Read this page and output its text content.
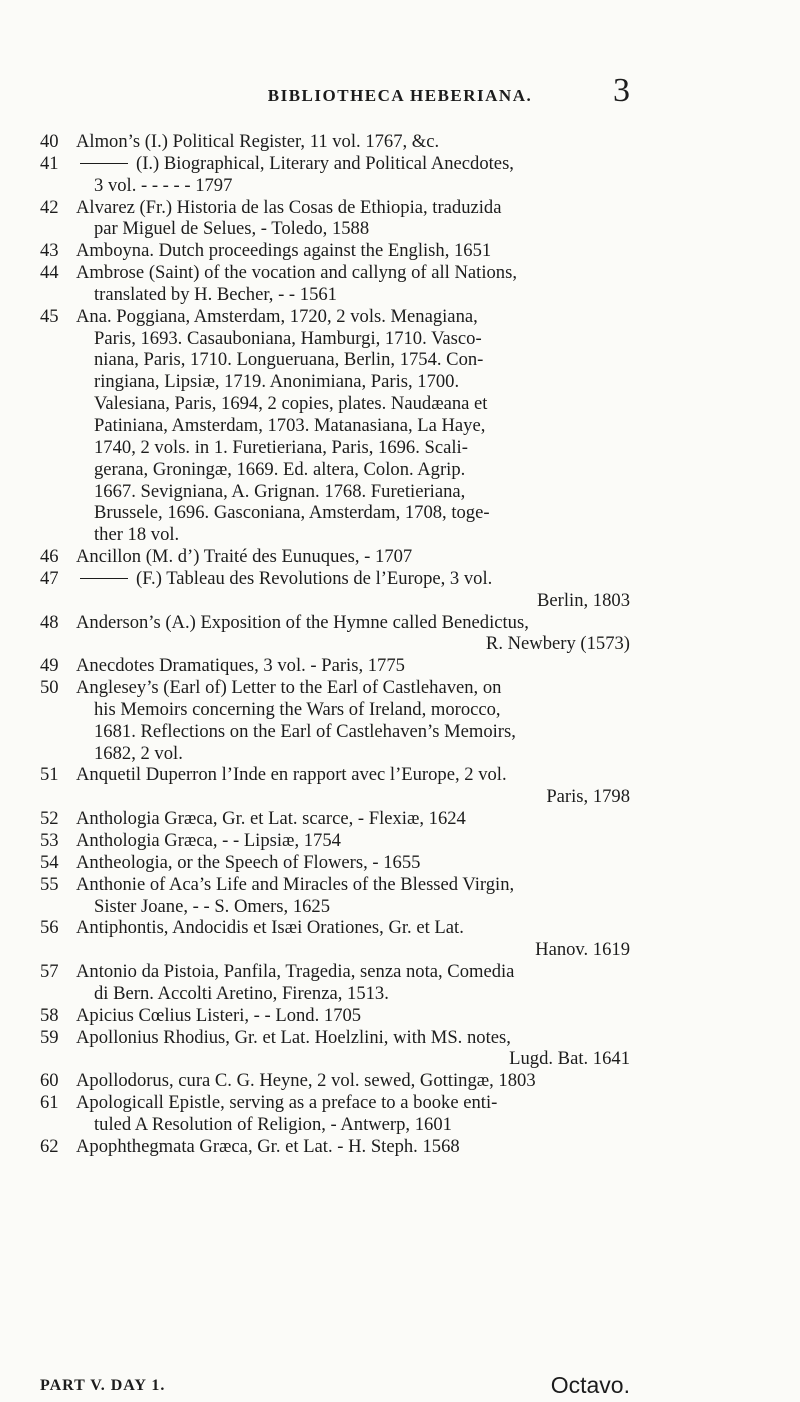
BIBLIOTHECA HEBERIANA.	3
40 Almon’s (I.) Political Register, 11 vol. 1767, &c.
41	(I.) Biographical, Literary and Political Anecdotes,
3 vol. - - - - - 1797
42 Alvarez (Fr.) Historia de las Cosas de Ethiopia, traduzida
par Miguel de Selues, - Toledo, 1588
43 Amboyna. Dutch proceedings against the English, 1651
44 Ambrose (Saint) of the vocation and callyng of all Nations,
translated by H. Becher, - - 1561
45 Ana. Poggiana, Amsterdam, 1720, 2 vols. Menagiana,
Paris, 1693. Casauboniana, Hamburgi, 1710. Vasco-
niana, Paris, 1710. Longueruana, Berlin, 1754. Con-
ringiana, Lipsiæ, 1719. Anonimiana, Paris, 1700.
Valesiana, Paris, 1694, 2 copies, plates. Naudæana et
Patiniana, Amsterdam, 1703. Matanasiana, La Haye,
1740, 2 vols. in 1. Furetieriana, Paris, 1696. Scali-
gerana, Groningæ, 1669. Ed. altera, Colon. Agrip.
1667. Sevigniana, A. Grignan. 1768. Furetieriana,
Brussele, 1696. Gasconiana, Amsterdam, 1708, toge-
ther 18 vol.
46 Ancillon (M. d’) Traité des Eunuques, - 1707
47	(F.) Tableau des Revolutions de l’Europe, 3 vol.
Berlin, 1803
48 Anderson’s (A.) Exposition of the Hymne called Benedictus,
R. Newbery (1573)
49 Anecdotes Dramatiques, 3 vol. - Paris, 1775
50 Anglesey’s (Earl of) Letter to the Earl of Castlehaven, on
his Memoirs concerning the Wars of Ireland, morocco,
1681. Reflections on the Earl of Castlehaven’s Memoirs,
1682, 2 vol.
51 Anquetil Duperron l’Inde en rapport avec l’Europe, 2 vol.
Paris, 1798
52 Anthologia Græca, Gr. et Lat. scarce, - Flexiæ, 1624
53 Anthologia Græca, - - Lipsiæ, 1754
54 Antheologia, or the Speech of Flowers, - 1655
55 Anthonie of Aca’s Life and Miracles of the Blessed Virgin,
Sister Joane, - - S. Omers, 1625
56 Antiphontis, Andocidis et Isæi Orationes, Gr. et Lat.
Hanov. 1619
57 Antonio da Pistoia, Panfila, Tragedia, senza nota, Comedia
di Bern. Accolti Aretino, Firenza, 1513.
58 Apicius Cœlius Listeri, - - Lond. 1705
59 Apollonius Rhodius, Gr. et Lat. Hoelzlini, with MS. notes,
Lugd. Bat. 1641
60 Apollodorus, cura C. G. Heyne, 2 vol. sewed, Gottingæ, 1803
61 Apologicall Epistle, serving as a preface to a booke enti-
tuled A Resolution of Religion, - Antwerp, 1601
62 Apophthegmata Græca, Gr. et Lat. - H. Steph. 1568
PART V. DAY 1.	Octavo.
